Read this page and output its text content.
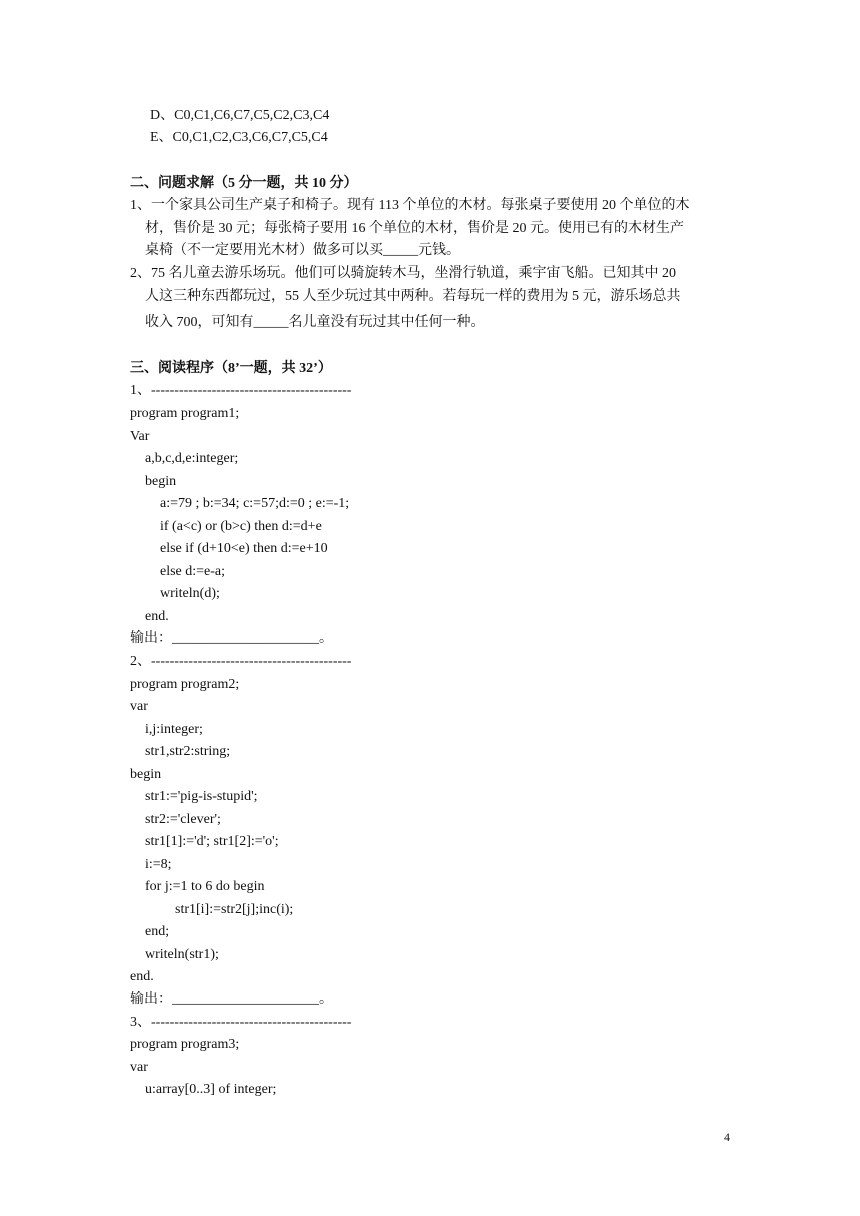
D、C0,C1,C6,C7,C5,C2,C3,C4
E、C0,C1,C2,C3,C6,C7,C5,C4
二、问题求解（5 分一题，共 10 分）
1、一个家具公司生产桌子和椅子。现有 113 个单位的木材。每张桌子要使用 20 个单位的木
材，售价是 30 元；每张椅子要用 16 个单位的木材，售价是 20 元。使用已有的木材生产
桌椅（不一定要用光木材）做多可以买_____元钱。
2、75 名儿童去游乐场玩。他们可以骑旋转木马，坐滑行轨道，乘宇宙飞船。已知其中 20
人这三种东西都玩过，55 人至少玩过其中两种。若每玩一样的费用为 5 元，游乐场总共
收入 700，可知有_____名儿童没有玩过其中任何一种。
三、阅读程序（8’一题，共 32’）
1、-------------------------------------------
program program1;
Var
a,b,c,d,e:integer;
begin
a:=79 ; b:=34; c:=57;d:=0 ; e:=-1;
if (a<c) or (b>c) then d:=d+e
else if (d+10<e) then d:=e+10
else d:=e-a;
writeln(d);
end.
输出：_____________________。
2、-------------------------------------------
program program2;
var
i,j:integer;
str1,str2:string;
begin
str1:='pig-is-stupid';
str2:='clever';
str1[1]:='d'; str1[2]:='o';
i:=8;
for j:=1 to 6 do begin
str1[i]:=str2[j];inc(i);
end;
writeln(str1);
end.
输出：_____________________。
3、-------------------------------------------
program program3;
var
u:array[0..3] of integer;
4
